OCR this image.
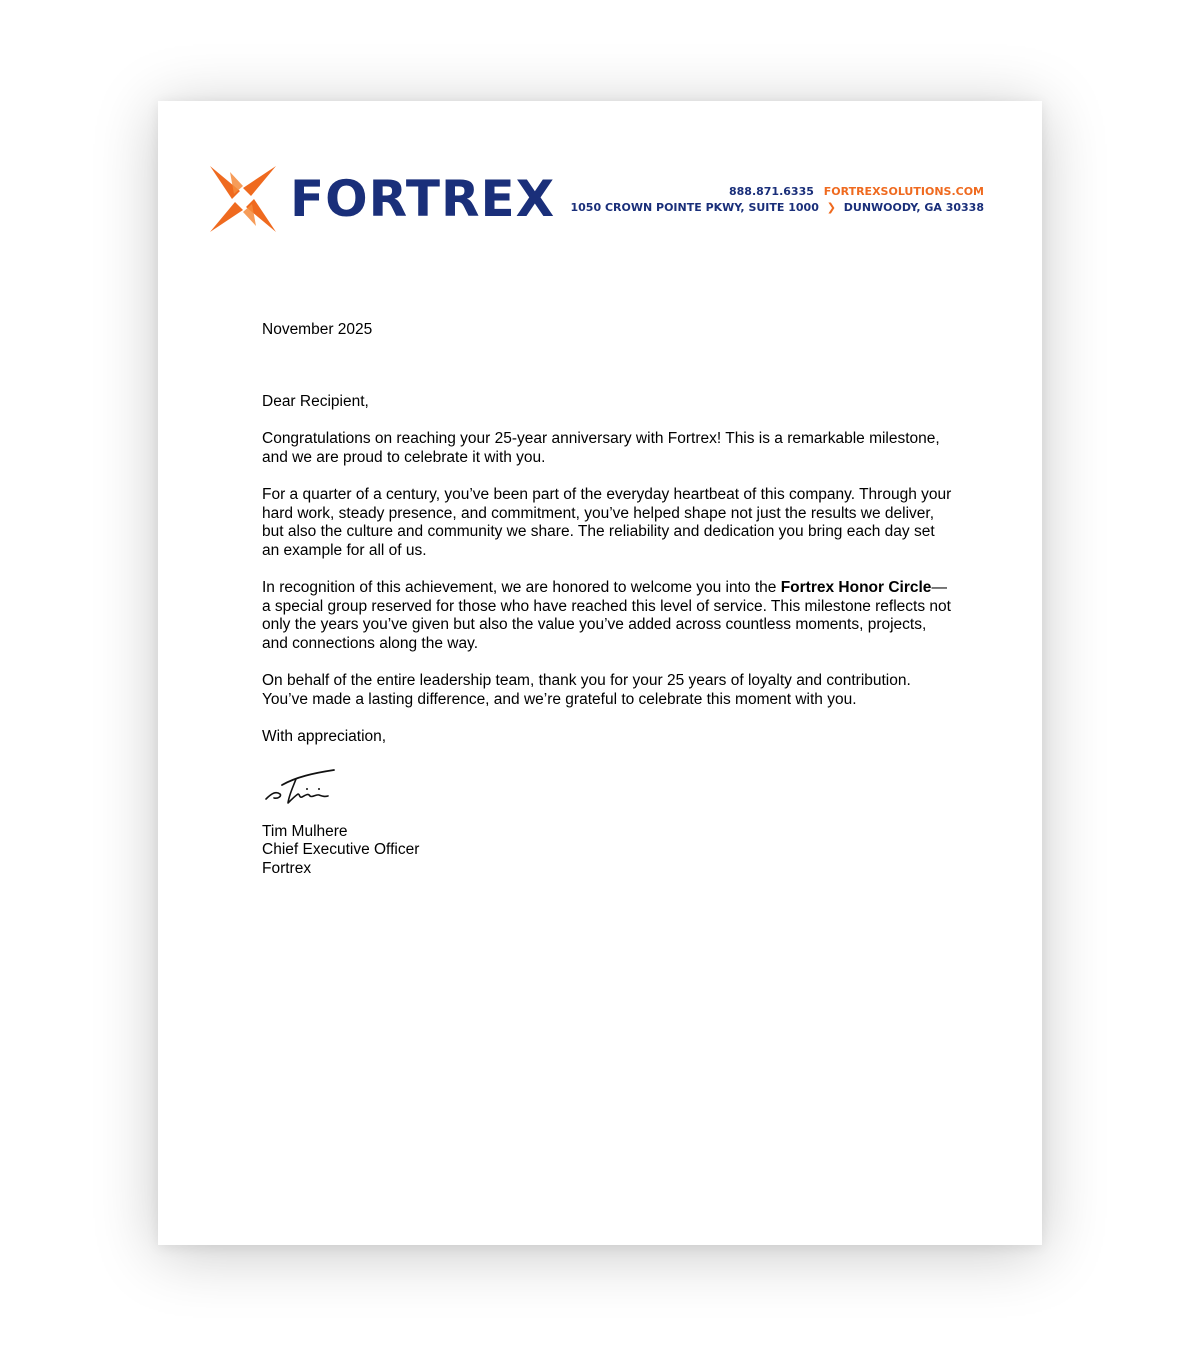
FORTREX	888.871.6335 FORTREXSOLUTIONS.COM
1050 CROWN POINTE PKWY, SUITE 1000 ❯ DUNWOODY, GA 30338

November 2025

Dear Recipient,

Congratulations on reaching your 25-year anniversary with Fortrex! This is a remarkable milestone, and we are proud to celebrate it with you.

For a quarter of a century, you’ve been part of the everyday heartbeat of this company. Through your hard work, steady presence, and commitment, you’ve helped shape not just the results we deliver, but also the culture and community we share. The reliability and dedication you bring each day set an example for all of us.

In recognition of this achievement, we are honored to welcome you into the Fortrex Honor Circle—a special group reserved for those who have reached this level of service. This milestone reflects not only the years you’ve given but also the value you’ve added across countless moments, projects, and connections along the way.

On behalf of the entire leadership team, thank you for your 25 years of loyalty and contribution. You’ve made a lasting difference, and we’re grateful to celebrate this moment with you.

With appreciation,

Tim Mulhere

Chief Executive Officer

Fortrex
